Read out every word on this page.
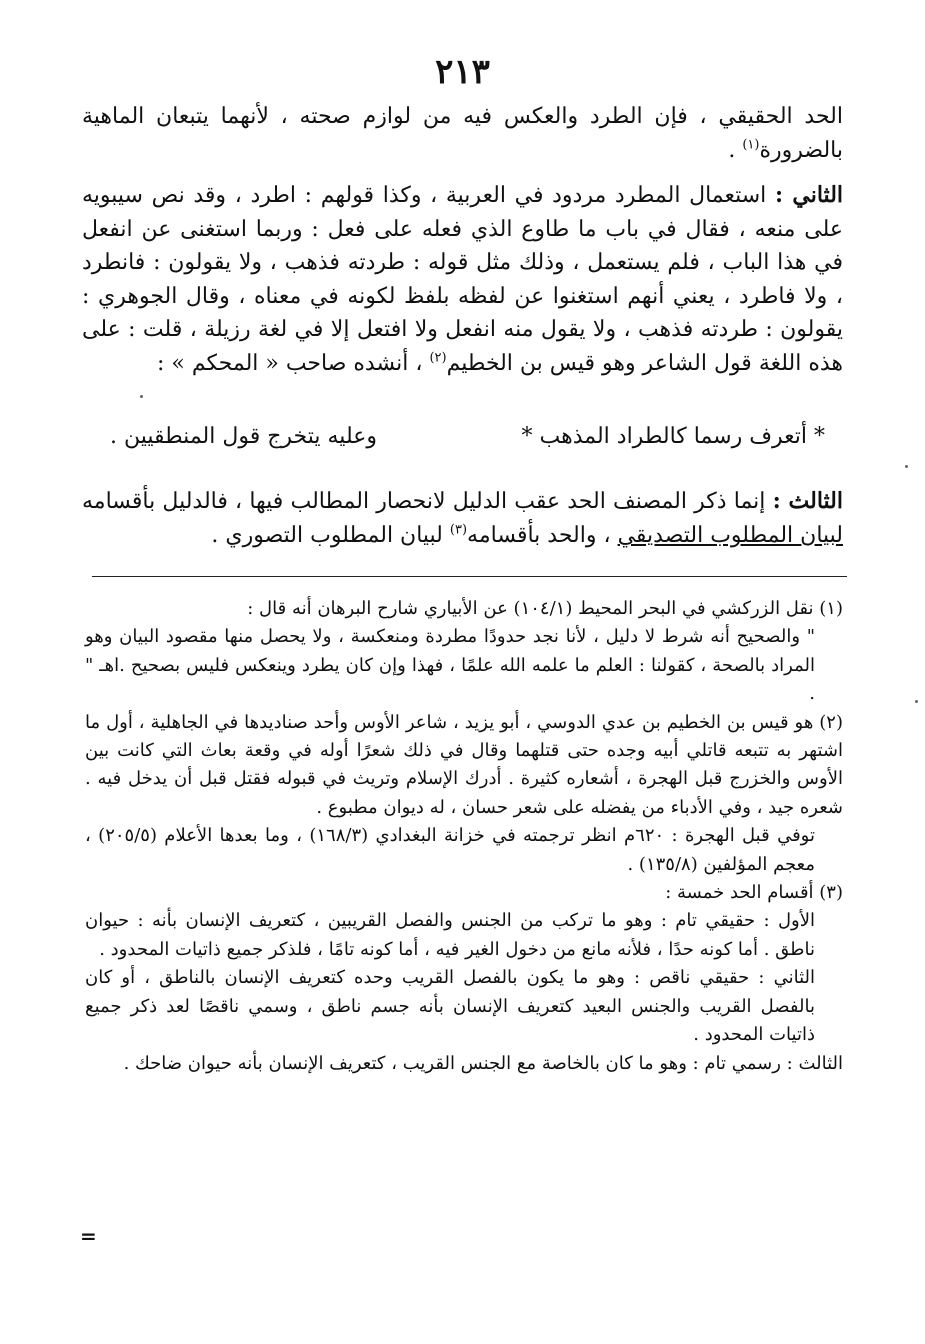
٢١٣

الحد الحقيقي ، فإن الطرد والعكس فيه من لوازم صحته ، لأنهما يتبعان الماهية بالضرورة$^{(١)}$ .

الثاني : استعمال المطرد مردود في العربية ، وكذا قولهم : اطرد ، وقد نص سيبويه على منعه ، فقال في باب ما طاوع الذي فعله على فعل : وربما استغنى عن انفعل في هذا الباب ، فلم يستعمل ، وذلك مثل قوله : طردته فذهب ، ولا يقولون : فانطرد ، ولا فاطرد ، يعني أنهم استغنوا عن لفظه بلفظ لكونه في معناه ، وقال الجوهري : يقولون : طردته فذهب ، ولا يقول منه انفعل ولا افتعل إلا في لغة رزيلة ، قلت : على هذه اللغة قول الشاعر وهو قيس بن الخطيم$^{(٢)}$ ، أنشده صاحب « المحكم » :

* أتعرف رسما كالطراد المذهب *
وعليه يتخرج قول المنطقيين .

الثالث : إنما ذكر المصنف الحد عقب الدليل لانحصار المطالب فيها ، فالدليل بأقسامه لبيان المطلوب التصديقي ، والحد بأقسامه$^{(٣)}$ لبيان المطلوب التصوري .

(١) نقل الزركشي في البحر المحيط (١٠٤/١) عن الأبياري شارح البرهان أنه قال :

" والصحيح أنه شرط لا دليل ، لأنا نجد حدودًا مطردة ومنعكسة ، ولا يحصل منها مقصود البيان وهو المراد بالصحة ، كقولنا : العلم ما علمه الله علمًا ، فهذا وإن كان يطرد وينعكس فليس بصحيح .اهـ " .

(٢) هو قيس بن الخطيم بن عدي الدوسي ، أبو يزيد ، شاعر الأوس وأحد صناديدها في الجاهلية ، أول ما اشتهر به تتبعه قاتلي أبيه وجده حتى قتلهما وقال في ذلك شعرًا أوله في وقعة بعاث التي كانت بين الأوس والخزرج قبل الهجرة ، أشعاره كثيرة . أدرك الإسلام وتريث في قبوله فقتل قبل أن يدخل فيه . شعره جيد ، وفي الأدباء من يفضله على شعر حسان ، له ديوان مطبوع .

توفي قبل الهجرة : ٦٢٠م انظر ترجمته في خزانة البغدادي (١٦٨/٣) ، وما بعدها الأعلام (٢٠٥/٥) ، معجم المؤلفين (١٣٥/٨) .

(٣) أقسام الحد خمسة :

الأول : حقيقي تام : وهو ما تركب من الجنس والفصل القريبين ، كتعريف الإنسان بأنه : حيوان ناطق . أما كونه حدًا ، فلأنه مانع من دخول الغير فيه ، أما كونه تامًا ، فلذكر جميع ذاتيات المحدود .

الثاني : حقيقي ناقص : وهو ما يكون بالفصل القريب وحده كتعريف الإنسان بالناطق ، أو كان بالفصل القريب والجنس البعيد كتعريف الإنسان بأنه جسم ناطق ، وسمي ناقصًا لعد ذكر جميع ذاتيات المحدود .

الثالث : رسمي تام : وهو ما كان بالخاصة مع الجنس القريب ، كتعريف الإنسان بأنه حيوان ضاحك .

=
